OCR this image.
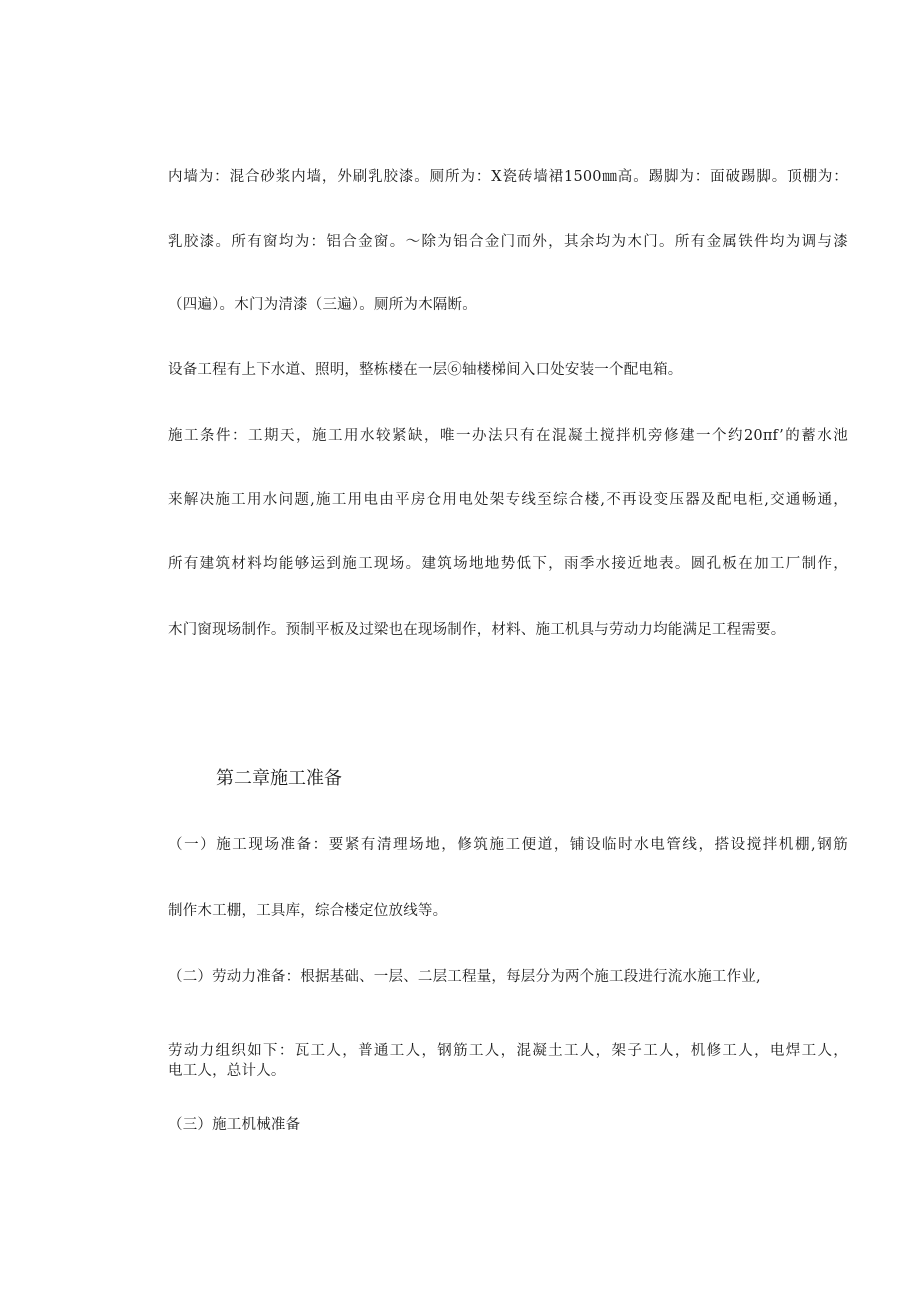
内墙为：混合砂浆内墙，外刷乳胶漆。厕所为：X瓷砖墙裙1500㎜高。踢脚为：面破踢脚。顶棚为：
乳胶漆。所有窗均为：铝合金窗。～除为铝合金门而外，其余均为木门。所有金属铁件均为调与漆
（四遍）。木门为清漆（三遍）。厕所为木隔断。
设备工程有上下水道、照明，整栋楼在一层⑥轴楼梯间入口处安装一个配电箱。
施工条件：工期天，施工用水较紧缺，唯一办法只有在混凝土搅拌机旁修建一个约20πf’的蓄水池
来解决施工用水问题,施工用电由平房仓用电处架专线至综合楼,不再设变压器及配电柜,交通畅通，
所有建筑材料均能够运到施工现场。建筑场地地势低下，雨季水接近地表。圆孔板在加工厂制作，
木门窗现场制作。预制平板及过梁也在现场制作，材料、施工机具与劳动力均能满足工程需要。
第二章施工准备
（一）施工现场准备：要紧有清理场地，修筑施工便道，铺设临时水电管线，搭设搅拌机棚,钢筋
制作木工棚，工具库，综合楼定位放线等。
（二）劳动力准备：根据基础、一层、二层工程量，每层分为两个施工段进行流水施工作业,
劳动力组织如下：瓦工人，普通工人，钢筋工人，混凝土工人，架子工人，机修工人，电焊工人，
电工人，总计人。
（三）施工机械准备
